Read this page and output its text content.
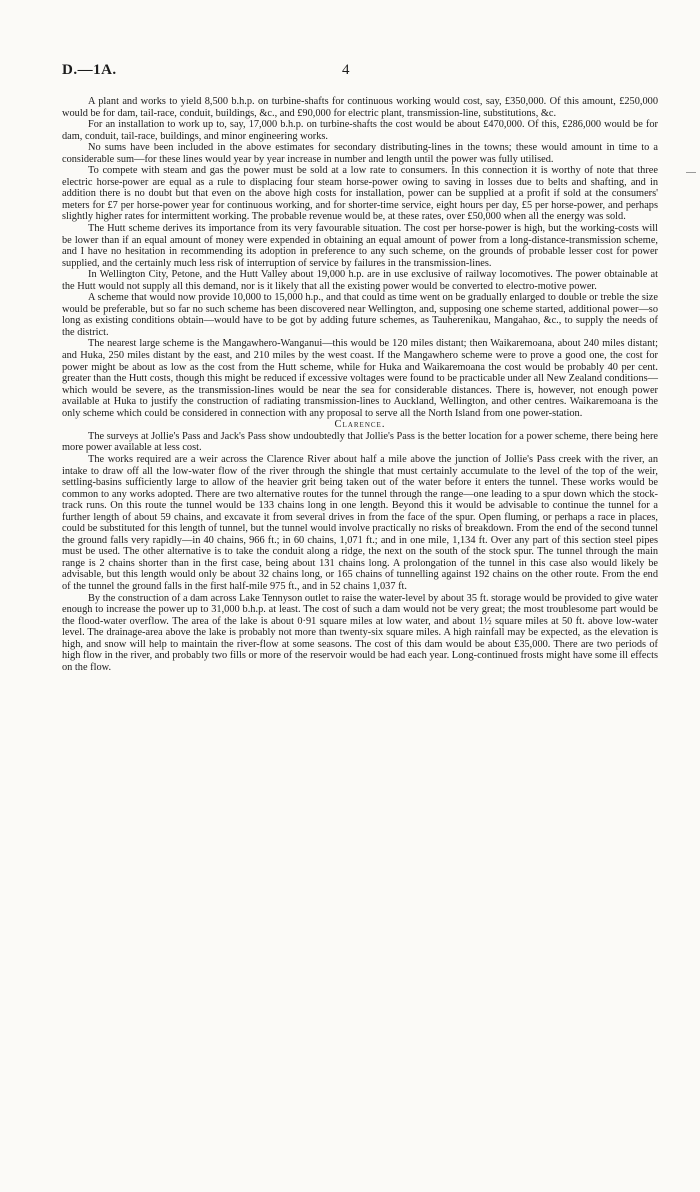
D.—1A.	4

A plant and works to yield 8,500 b.h.p. on turbine-shafts for continuous working would cost, say, £350,000. Of this amount, £250,000 would be for dam, tail-race, conduit, buildings, &c., and £90,000 for electric plant, transmission-line, substitutions, &c.

For an installation to work up to, say, 17,000 b.h.p. on turbine-shafts the cost would be about £470,000. Of this, £286,000 would be for dam, conduit, tail-race, buildings, and minor engineering works.

No sums have been included in the above estimates for secondary distributing-lines in the towns; these would amount in time to a considerable sum—for these lines would year by year increase in number and length until the power was fully utilised.

To compete with steam and gas the power must be sold at a low rate to consumers. In this connection it is worthy of note that three electric horse-power are equal as a rule to displacing four steam horse-power owing to saving in losses due to belts and shafting, and in addition there is no doubt but that even on the above high costs for installation, power can be supplied at a profit if sold at the consumers' meters for £7 per horse-power year for continuous working, and for shorter-time service, eight hours per day, £5 per horse-power, and perhaps slightly higher rates for intermittent working. The probable revenue would be, at these rates, over £50,000 when all the energy was sold.

The Hutt scheme derives its importance from its very favourable situation. The cost per horse-power is high, but the working-costs will be lower than if an equal amount of money were expended in obtaining an equal amount of power from a long-distance-transmission scheme, and I have no hesitation in recommending its adoption in preference to any such scheme, on the grounds of probable lesser cost for power supplied, and the certainly much less risk of interruption of service by failures in the transmission-lines.

In Wellington City, Petone, and the Hutt Valley about 19,000 h.p. are in use exclusive of railway locomotives. The power obtainable at the Hutt would not supply all this demand, nor is it likely that all the existing power would be converted to electro-motive power.

A scheme that would now provide 10,000 to 15,000 h.p., and that could as time went on be gradually enlarged to double or treble the size would be preferable, but so far no such scheme has been discovered near Wellington, and, supposing one scheme started, additional power—so long as existing conditions obtain—would have to be got by adding future schemes, as Tauherenikau, Mangahao, &c., to supply the needs of the district.

The nearest large scheme is the Mangawhero-Wanganui—this would be 120 miles distant; then Waikaremoana, about 240 miles distant; and Huka, 250 miles distant by the east, and 210 miles by the west coast. If the Mangawhero scheme were to prove a good one, the cost for power might be about as low as the cost from the Hutt scheme, while for Huka and Waikaremoana the cost would be probably 40 per cent. greater than the Hutt costs, though this might be reduced if excessive voltages were found to be practicable under all New Zealand conditions—which would be severe, as the transmission-lines would be near the sea for considerable distances. There is, however, not enough power available at Huka to justify the construction of radiating transmission-lines to Auckland, Wellington, and other centres. Waikaremoana is the only scheme which could be considered in connection with any proposal to serve all the North Island from one power-station.

Clarence.

The surveys at Jollie's Pass and Jack's Pass show undoubtedly that Jollie's Pass is the better location for a power scheme, there being here more power available at less cost.

The works required are a weir across the Clarence River about half a mile above the junction of Jollie's Pass creek with the river, an intake to draw off all the low-water flow of the river through the shingle that must certainly accumulate to the level of the top of the weir, settling-basins sufficiently large to allow of the heavier grit being taken out of the water before it enters the tunnel. These works would be common to any works adopted. There are two alternative routes for the tunnel through the range—one leading to a spur down which the stock-track runs. On this route the tunnel would be 133 chains long in one length. Beyond this it would be advisable to continue the tunnel for a further length of about 59 chains, and excavate it from several drives in from the face of the spur. Open fluming, or perhaps a race in places, could be substituted for this length of tunnel, but the tunnel would involve practically no risks of breakdown. From the end of the second tunnel the ground falls very rapidly—in 40 chains, 966 ft.; in 60 chains, 1,071 ft.; and in one mile, 1,134 ft. Over any part of this section steel pipes must be used. The other alternative is to take the conduit along a ridge, the next on the south of the stock spur. The tunnel through the main range is 2 chains shorter than in the first case, being about 131 chains long. A prolongation of the tunnel in this case also would likely be advisable, but this length would only be about 32 chains long, or 165 chains of tunnelling against 192 chains on the other route. From the end of the tunnel the ground falls in the first half-mile 975 ft., and in 52 chains 1,037 ft.

By the construction of a dam across Lake Tennyson outlet to raise the water-level by about 35 ft. storage would be provided to give water enough to increase the power up to 31,000 b.h.p. at least. The cost of such a dam would not be very great; the most troublesome part would be the flood-water overflow. The area of the lake is about 0·91 square miles at low water, and about 1½ square miles at 50 ft. above low-water level. The drainage-area above the lake is probably not more than twenty-six square miles. A high rainfall may be expected, as the elevation is high, and snow will help to maintain the river-flow at some seasons. The cost of this dam would be about £35,000. There are two periods of high flow in the river, and probably two fills or more of the reservoir would be had each year. Long-continued frosts might have some ill effects on the flow.
